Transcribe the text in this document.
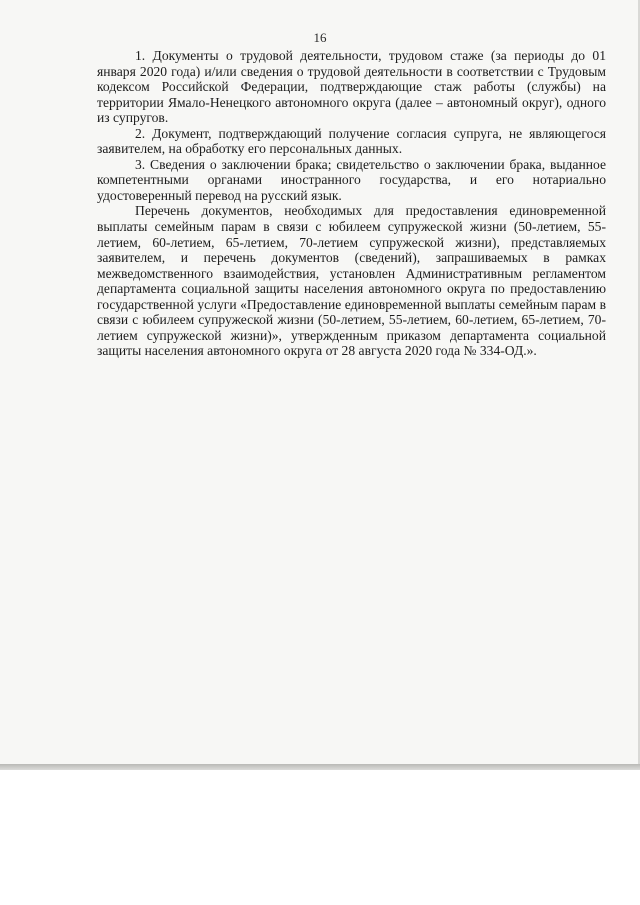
16

1. Документы о трудовой деятельности, трудовом стаже (за периоды до 01 января 2020 года) и/или сведения о трудовой деятельности в соответствии с Трудовым кодексом Российской Федерации, подтверждающие стаж работы (службы) на территории Ямало-Ненецкого автономного округа (далее – автономный округ), одного из супругов.

2. Документ, подтверждающий получение согласия супруга, не являющегося заявителем, на обработку его персональных данных.

3. Сведения о заключении брака; свидетельство о заключении брака, выданное компетентными органами иностранного государства, и его нотариально удостоверенный перевод на русский язык.

Перечень документов, необходимых для предоставления единовременной выплаты семейным парам в связи с юбилеем супружеской жизни (50-летием, 55-летием, 60-летием, 65-летием, 70-летием супружеской жизни), представляемых заявителем, и перечень документов (сведений), запрашиваемых в рамках межведомственного взаимодействия, установлен Административным регламентом департамента социальной защиты населения автономного округа по предоставлению государственной услуги «Предоставление единовременной выплаты семейным парам в связи с юбилеем супружеской жизни (50-летием, 55-летием, 60-летием, 65-летием, 70-летием супружеской жизни)», утвержденным приказом департамента социальной защиты населения автономного округа от 28 августа 2020 года № 334-ОД.».
